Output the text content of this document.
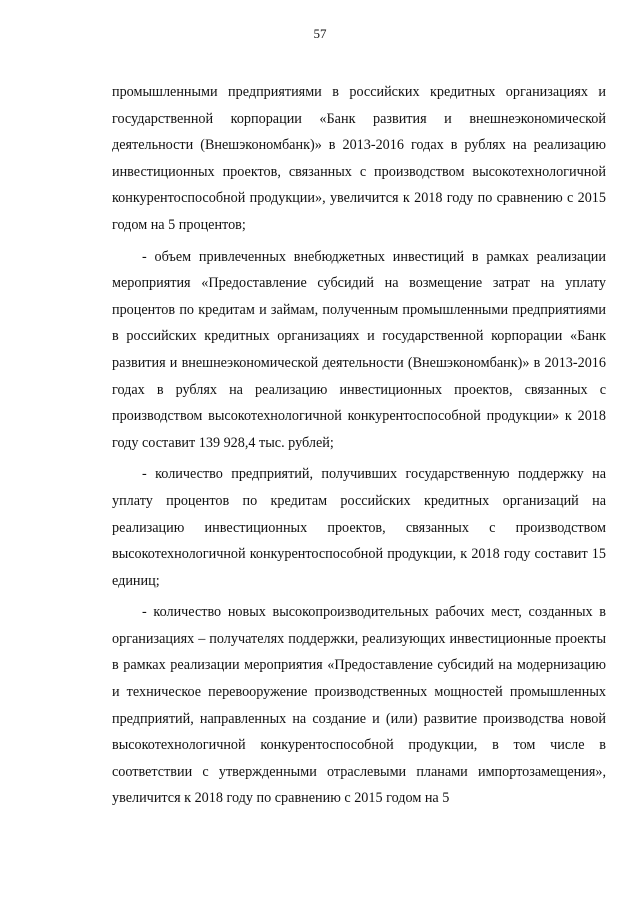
57

промышленными предприятиями в российских кредитных организациях и государственной корпорации «Банк развития и внешнеэкономической деятельности (Внешэкономбанк)» в 2013-2016 годах в рублях на реализацию инвестиционных проектов, связанных с производством высокотехнологичной конкурентоспособной продукции», увеличится к 2018 году по сравнению с 2015 годом на 5 процентов;

- объем привлеченных внебюджетных инвестиций в рамках реализации мероприятия «Предоставление субсидий на возмещение затрат на уплату процентов по кредитам и займам, полученным промышленными предприятиями в российских кредитных организациях и государственной корпорации «Банк развития и внешнеэкономической деятельности (Внешэкономбанк)» в 2013-2016 годах в рублях на реализацию инвестиционных проектов, связанных с производством высокотехнологичной конкурентоспособной продукции» к 2018 году составит 139 928,4 тыс. рублей;

- количество предприятий, получивших государственную поддержку на уплату процентов по кредитам российских кредитных организаций на реализацию инвестиционных проектов, связанных с производством высокотехнологичной конкурентоспособной продукции, к 2018 году составит 15 единиц;

- количество новых высокопроизводительных рабочих мест, созданных в организациях – получателях поддержки, реализующих инвестиционные проекты в рамках реализации мероприятия «Предоставление субсидий на модернизацию и техническое перевооружение производственных мощностей промышленных предприятий, направленных на создание и (или) развитие производства новой высокотехнологичной конкурентоспособной продукции, в том числе в соответствии с утвержденными отраслевыми планами импортозамещения», увеличится к 2018 году по сравнению с 2015 годом на 5
